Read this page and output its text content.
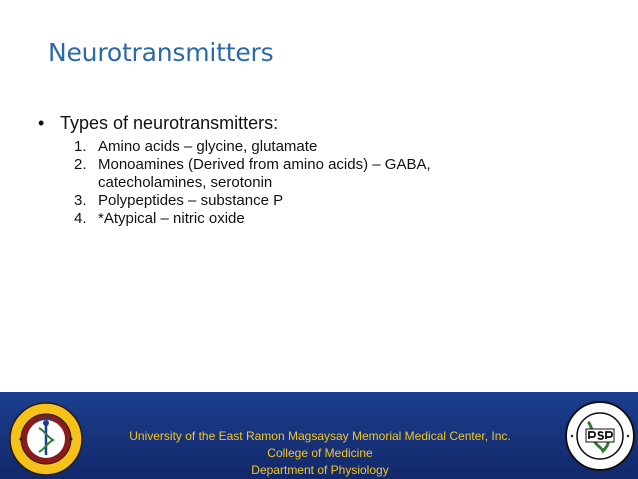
Neurotransmitters
• Types of neurotransmitters:
1. Amino acids – glycine, glutamate
2. Monoamines (Derived from amino acids) – GABA, catecholamines, serotonin
3. Polypeptides – substance P
4. *Atypical – nitric oxide
University of the East Ramon Magsaysay Memorial Medical Center, Inc.
College of Medicine
Department of Physiology
